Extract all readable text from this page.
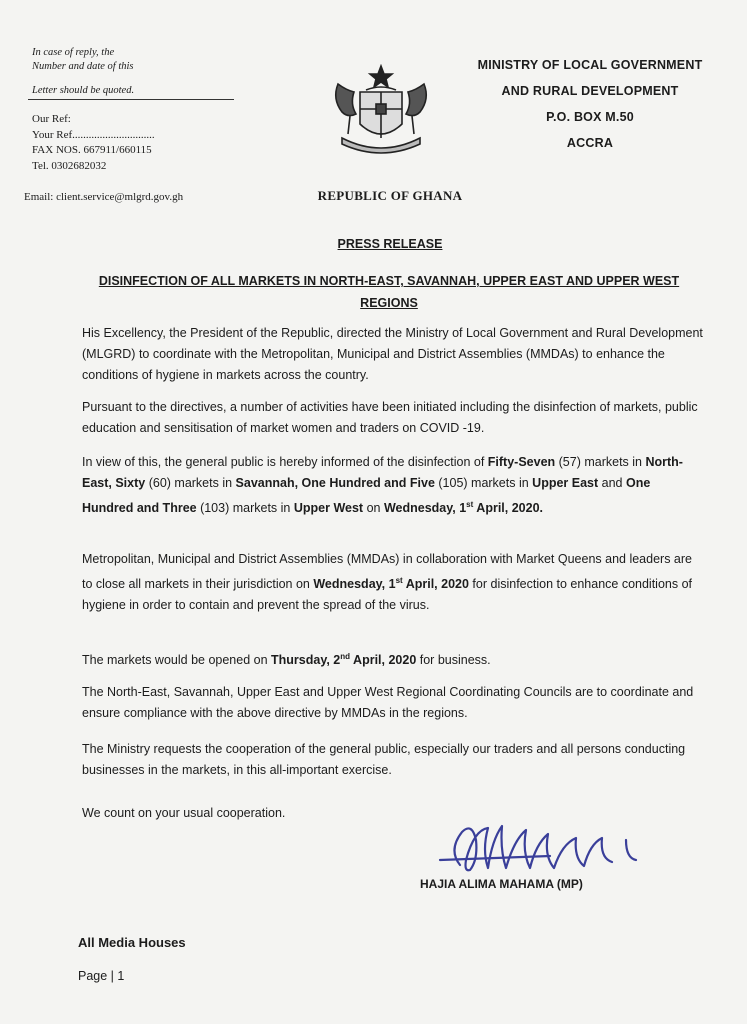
In case of reply, the
Number and date of this
Letter should be quoted.
Our Ref:
Your Ref..............................
FAX NOS. 667911/660115
Tel. 0302682032
Email: client.service@mlgrd.gov.gh
MINISTRY OF LOCAL GOVERNMENT
AND RURAL DEVELOPMENT
P.O. BOX M.50
ACCRA
REPUBLIC OF GHANA
PRESS RELEASE
DISINFECTION OF ALL MARKETS IN NORTH-EAST, SAVANNAH, UPPER EAST AND UPPER WEST REGIONS
His Excellency, the President of the Republic, directed the Ministry of Local Government and Rural Development (MLGRD) to coordinate with the Metropolitan, Municipal and District Assemblies (MMDAs) to enhance the conditions of hygiene in markets across the country.
Pursuant to the directives, a number of activities have been initiated including the disinfection of markets, public education and sensitisation of market women and traders on COVID -19.
In view of this, the general public is hereby informed of the disinfection of Fifty-Seven (57) markets in North-East, Sixty (60) markets in Savannah, One Hundred and Five (105) markets in Upper East and One Hundred and Three (103) markets in Upper West on Wednesday, 1st April, 2020.
Metropolitan, Municipal and District Assemblies (MMDAs) in collaboration with Market Queens and leaders are to close all markets in their jurisdiction on Wednesday, 1st April, 2020 for disinfection to enhance conditions of hygiene in order to contain and prevent the spread of the virus.
The markets would be opened on Thursday, 2nd April, 2020 for business.
The North-East, Savannah, Upper East and Upper West Regional Coordinating Councils are to coordinate and ensure compliance with the above directive by MMDAs in the regions.
The Ministry requests the cooperation of the general public, especially our traders and all persons conducting businesses in the markets, in this all-important exercise.
We count on your usual cooperation.
HAJIA ALIMA MAHAMA (MP)
All Media Houses
Page | 1
